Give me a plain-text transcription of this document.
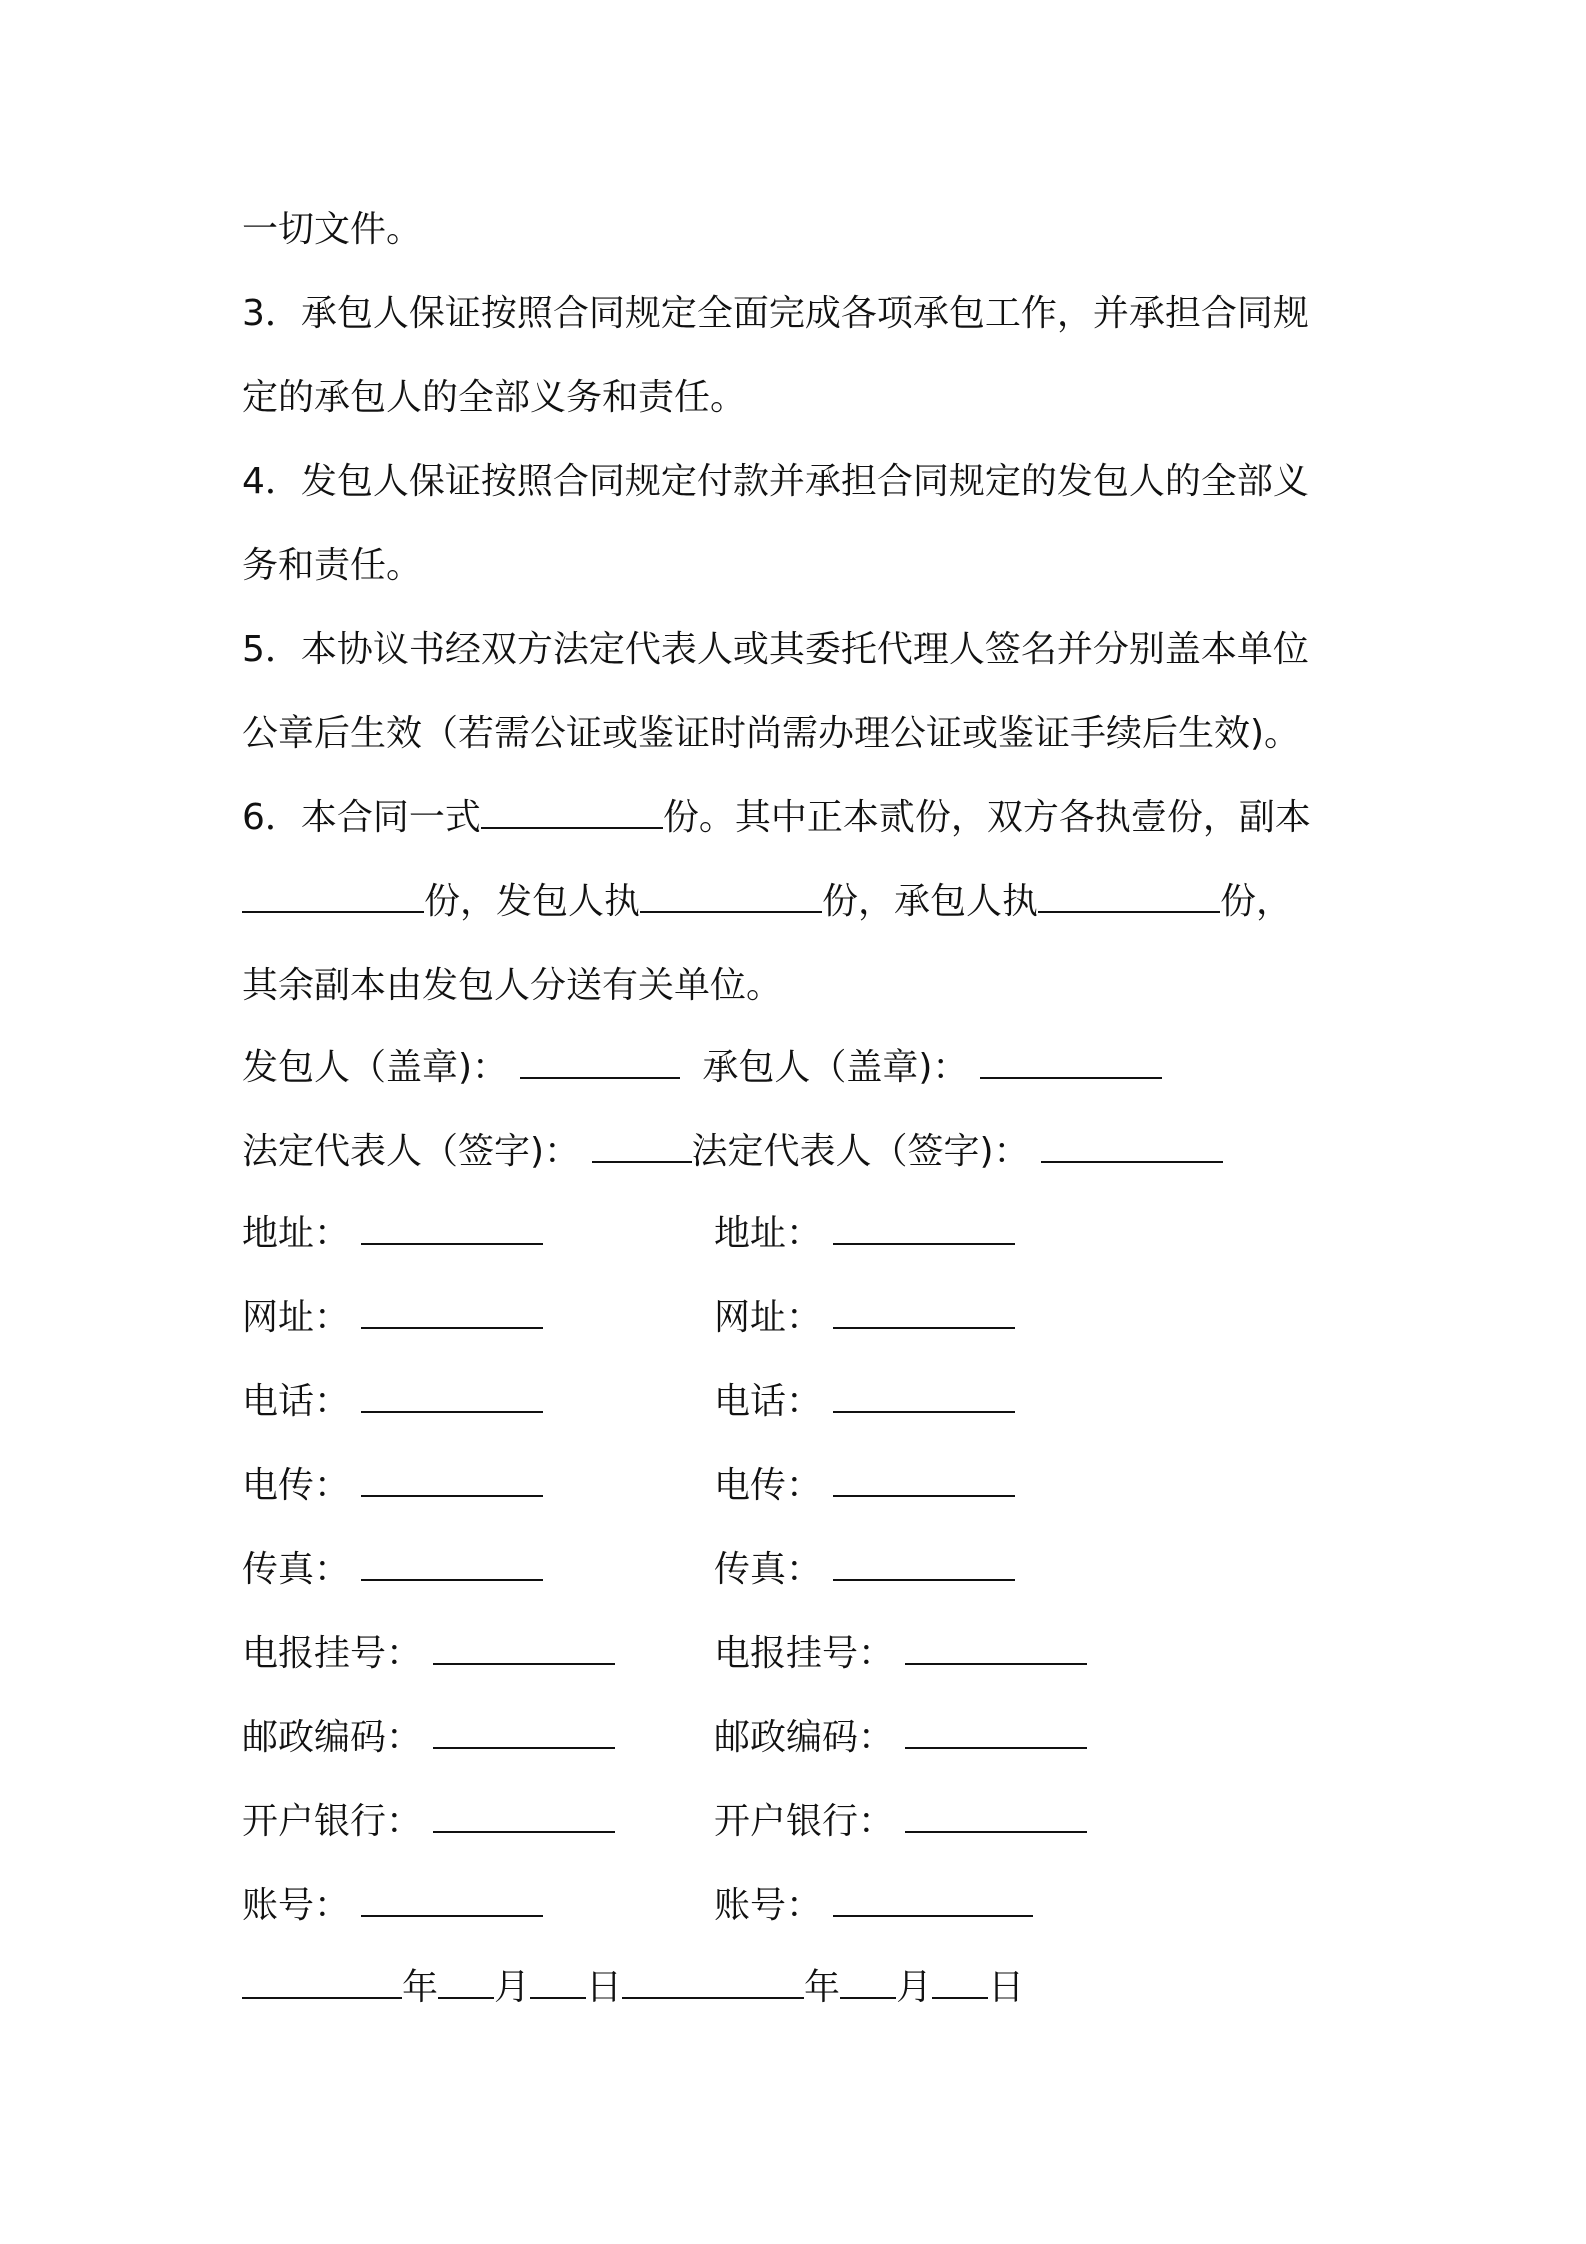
一切文件。
3．承包人保证按照合同规定全面完成各项承包工作，并承担合同规
定的承包人的全部义务和责任。
4．发包人保证按照合同规定付款并承担合同规定的发包人的全部义
务和责任。
5．本协议书经双方法定代表人或其委托代理人签名并分别盖本单位
公章后生效（若需公证或鉴证时尚需办理公证或鉴证手续后生效)。
6．本合同一式	份。其中正本贰份，双方各执壹份，副本
份，发包人执	份，承包人执	份，
其余副本由发包人分送有关单位。
发包人（盖章)：	承包人（盖章)：
法定代表人（签字)：	法定代表人（签字)：
地址：	地址：
网址：	网址：
电话：	电话：
电传：	电传：
传真：	传真：
电报挂号：	电报挂号：
邮政编码：	邮政编码：
开户银行：	开户银行：
账号：	账号：
年 月 日	年 月 日
